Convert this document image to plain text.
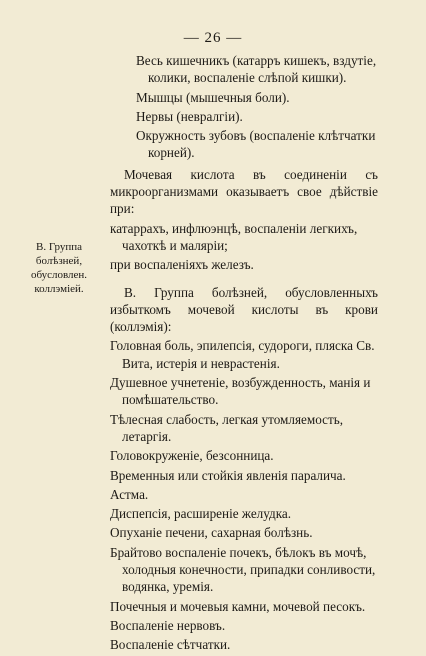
— 26 —
Весь кишечникъ (катарръ кишекъ, вздутіе, колики, воспаленіе слѣпой кишки).
Мышцы (мышечныя боли).
Нервы (невралгіи).
Окружность зубовъ (воспаленіе клѣтчатки корней).
Мочевая кислота въ соединеніи съ микроорганизмами оказываетъ свое дѣйствіе при:
катаррахъ, инфлюэнцѣ, воспаленіи легкихъ, чахоткѣ и маляріи;
при воспаленіяхъ железъ.
В. Группа болѣзней, обусловленныхъ избыткомъ мочевой кислоты въ крови (коллэмія):
Головная боль, эпилепсія, судороги, пляска Св. Вита, истерія и неврастенія.
Душевное учнетеніе, возбужденность, манія и помѣшательство.
Тѣлесная слабость, легкая утомляемость, летаргія.
Головокруженіе, безсонница.
Временныя или стойкія явленія паралича.
Астма.
Диспепсія, расширеніе желудка.
Опуханіе печени, сахарная болѣзнь.
Брайтово воспаленіе почекъ, бѣлокъ въ мочѣ, холодныя конечности, припадки сонливости, водянка, уремія.
Почечныя и мочевыя камни, мочевой песокъ.
Воспаленіе нервовъ.
Воспаленіе сѣтчатки.
В. Группа болѣзней, обусловлен. коллэміей.
